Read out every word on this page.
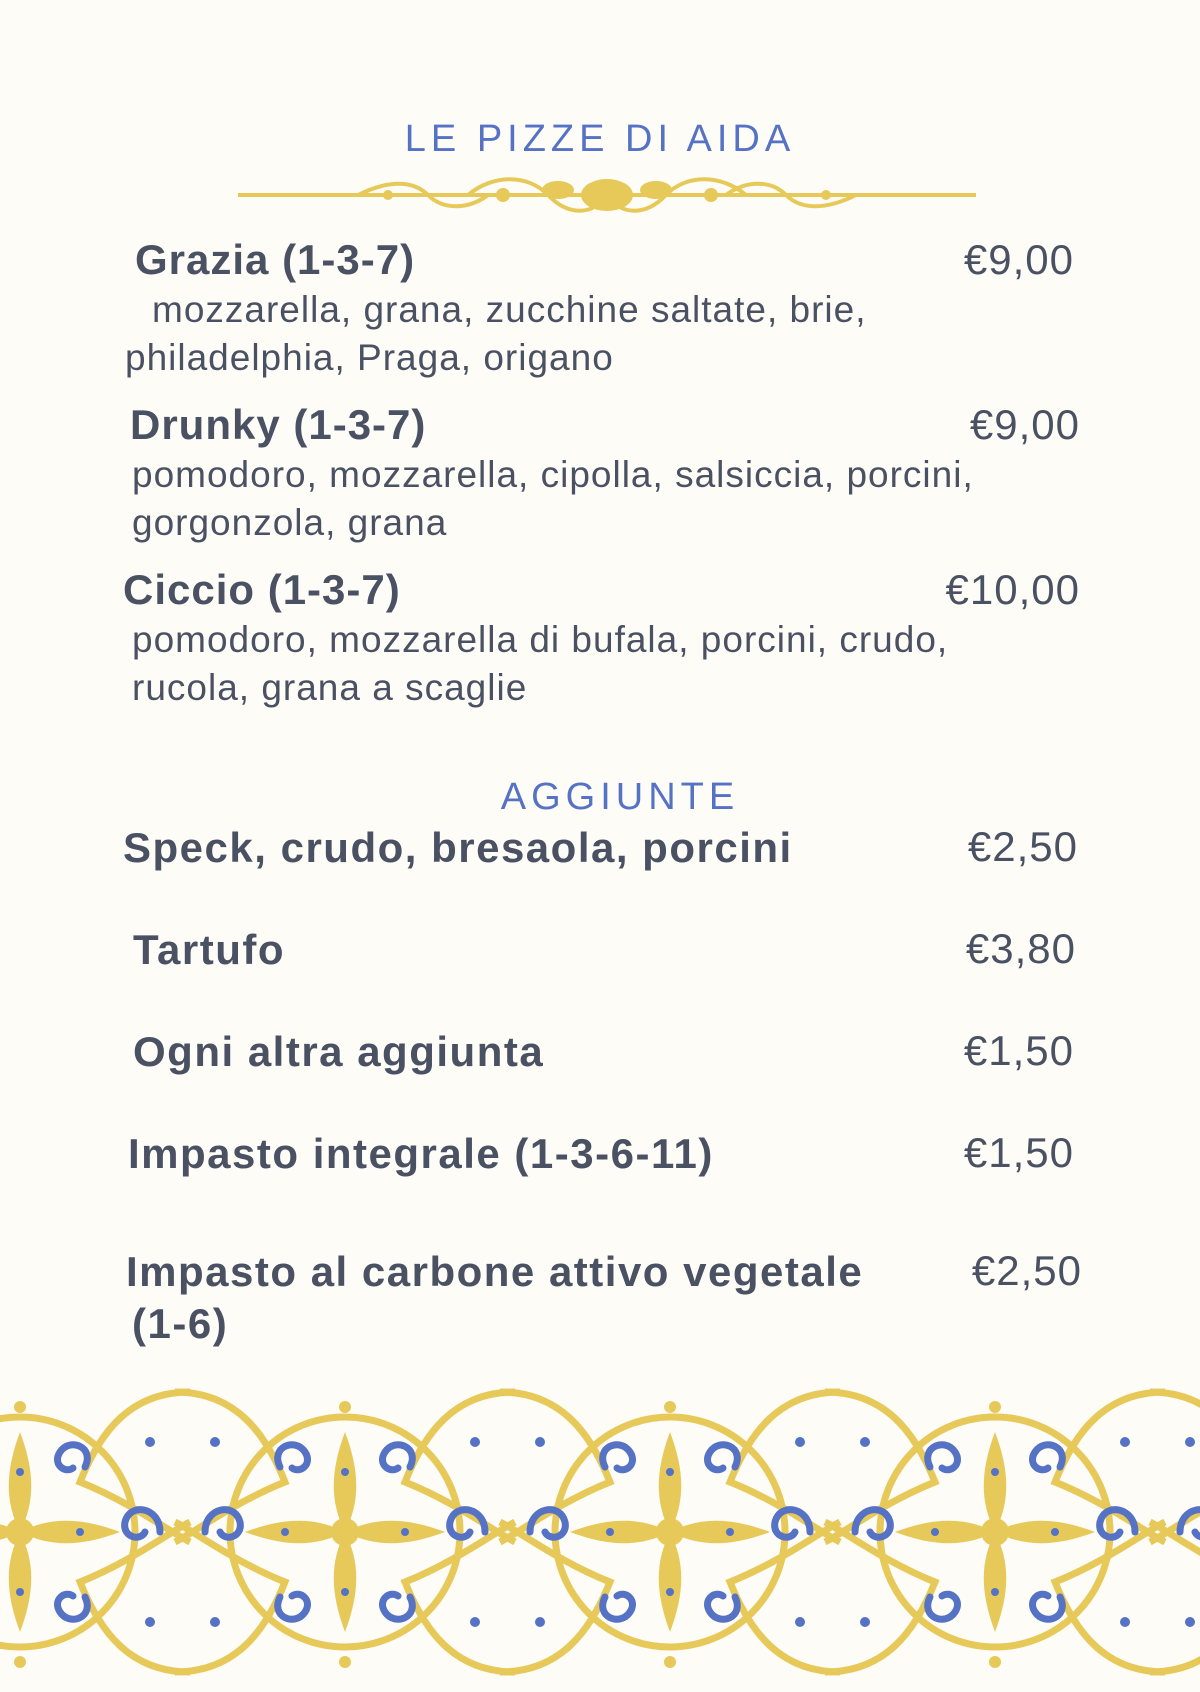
LE PIZZE DI AIDA
Grazia (1-3-7)	€9,00
mozzarella, grana, zucchine saltate, brie,
philadelphia, Praga, origano
Drunky (1-3-7)	€9,00
pomodoro, mozzarella, cipolla, salsiccia, porcini,
gorgonzola, grana
Ciccio (1-3-7)	€10,00
pomodoro, mozzarella di bufala, porcini, crudo,
rucola, grana a scaglie
AGGIUNTE
Speck, crudo, bresaola, porcini	€2,50
Tartufo	€3,80
Ogni altra aggiunta	€1,50
Impasto integrale (1-3-6-11)	€1,50
Impasto al carbone attivo vegetale
(1-6)
€2,50
